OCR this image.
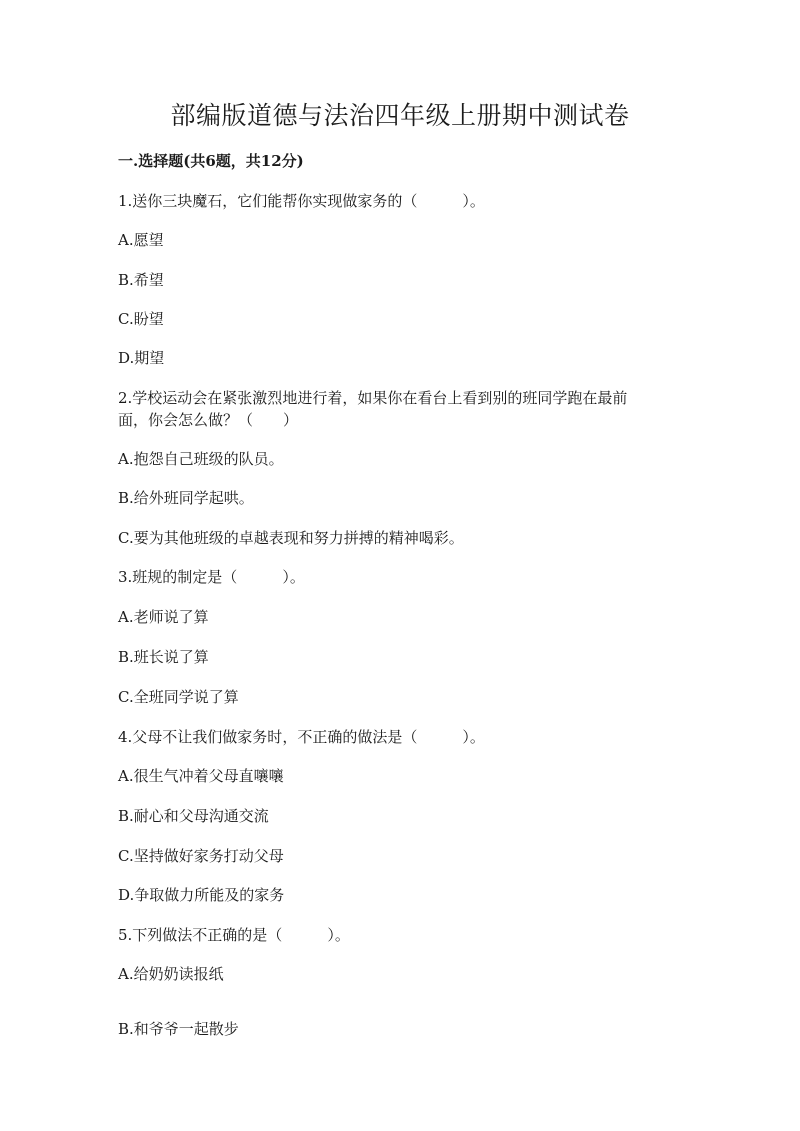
部编版道德与法治四年级上册期中测试卷
一.选择题(共6题，共12分)
1.送你三块魔石，它们能帮你实现做家务的（　　　）。
A.愿望
B.希望
C.盼望
D.期望
2.学校运动会在紧张激烈地进行着，如果你在看台上看到别的班同学跑在最前
面，你会怎么做？（　　）
A.抱怨自己班级的队员。
B.给外班同学起哄。
C.要为其他班级的卓越表现和努力拼搏的精神喝彩。
3.班规的制定是（　　　）。
A.老师说了算
B.班长说了算
C.全班同学说了算
4.父母不让我们做家务时，不正确的做法是（　　　）。
A.很生气冲着父母直嚷嚷
B.耐心和父母沟通交流
C.坚持做好家务打动父母
D.争取做力所能及的家务
5.下列做法不正确的是（　　　）。
A.给奶奶读报纸
B.和爷爷一起散步
